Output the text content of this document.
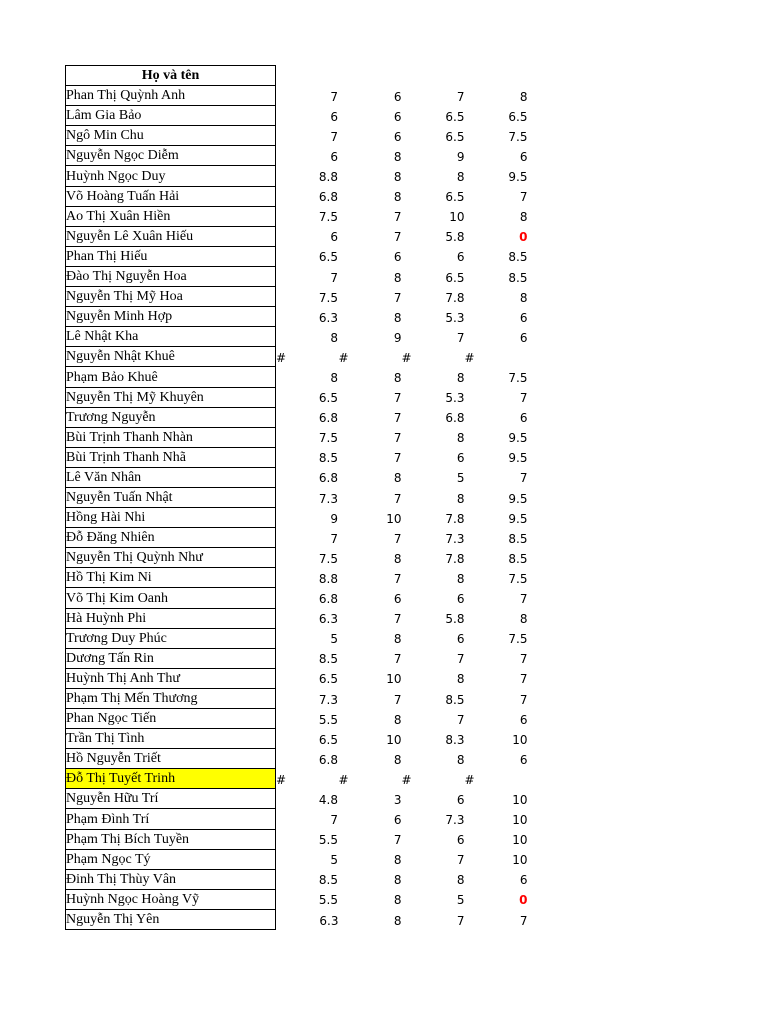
Họ và tên				
Phan Thị Quỳnh Anh	7	6	7	8
Lâm Gia Bảo	6	6	6.5	6.5
Ngô Min Chu	7	6	6.5	7.5
Nguyễn Ngọc Diễm	6	8	9	6
Huỳnh Ngọc Duy	8.8	8	8	9.5
Võ Hoàng Tuấn Hải	6.8	8	6.5	7
Ao Thị Xuân Hiền	7.5	7	10	8
Nguyễn Lê Xuân Hiếu	6	7	5.8	0
Phan Thị Hiếu	6.5	6	6	8.5
Đào Thị Nguyễn Hoa	7	8	6.5	8.5
Nguyễn Thị Mỹ Hoa	7.5	7	7.8	8
Nguyễn Minh Hợp	6.3	8	5.3	6
Lê Nhật Kha	8	9	7	6
Nguyễn Nhật Khuê	#	#	#	#
Phạm Bảo Khuê	8	8	8	7.5
Nguyễn Thị Mỹ Khuyên	6.5	7	5.3	7
Trương Nguyễn	6.8	7	6.8	6
Bùi Trịnh Thanh Nhàn	7.5	7	8	9.5
Bùi Trịnh Thanh Nhã	8.5	7	6	9.5
Lê Văn Nhân	6.8	8	5	7
Nguyễn Tuấn Nhật	7.3	7	8	9.5
Hồng Hài Nhi	9	10	7.8	9.5
Đỗ Đăng Nhiên	7	7	7.3	8.5
Nguyễn Thị Quỳnh Như	7.5	8	7.8	8.5
Hồ Thị Kim Ni	8.8	7	8	7.5
Võ Thị Kim Oanh	6.8	6	6	7
Hà Huỳnh Phi	6.3	7	5.8	8
Trương Duy Phúc	5	8	6	7.5
Dương Tấn Rin	8.5	7	7	7
Huỳnh Thị Anh Thư	6.5	10	8	7
Phạm Thị Mến Thương	7.3	7	8.5	7
Phan Ngọc Tiến	5.5	8	7	6
Trần Thị Tình	6.5	10	8.3	10
Hồ Nguyễn Triết	6.8	8	8	6
Đỗ Thị Tuyết Trinh	#	#	#	#
Nguyễn Hữu Trí	4.8	3	6	10
Phạm Đình Trí	7	6	7.3	10
Phạm Thị Bích Tuyền	5.5	7	6	10
Phạm Ngọc Tý	5	8	7	10
Đinh Thị Thùy Vân	8.5	8	8	6
Huỳnh Ngọc Hoàng Vỹ	5.5	8	5	0
Nguyễn Thị Yên	6.3	8	7	7
